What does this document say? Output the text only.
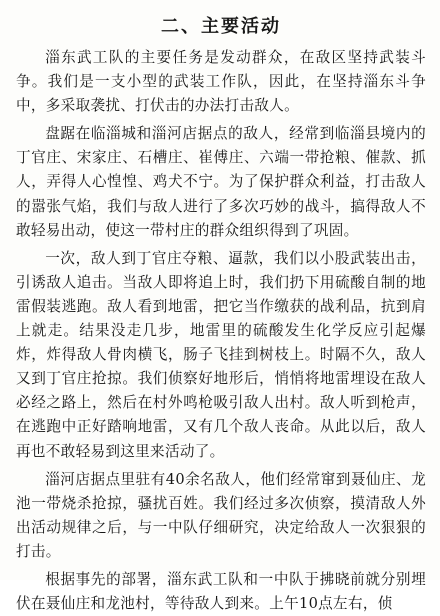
二、主要活动

淄东武工队的主要任务是发动群众，在敌区坚持武装斗争。我们是一支小型的武装工作队，因此，在坚持淄东斗争中，多采取袭扰、打伏击的办法打击敌人。

盘踞在临淄城和淄河店据点的敌人，经常到临淄县境内的丁官庄、宋家庄、石槽庄、崔傅庄、六端一带抢粮、催款、抓人，弄得人心惶惶、鸡犬不宁。为了保护群众利益，打击敌人的嚣张气焰，我们与敌人进行了多次巧妙的战斗，搞得敌人不敢轻易出动，使这一带村庄的群众组织得到了巩固。

一次，敌人到丁官庄夺粮、逼款，我们以小股武装出击，引诱敌人追击。当敌人即将追上时，我们扔下用硫酸自制的地雷假装逃跑。敌人看到地雷，把它当作缴获的战利品，抗到肩上就走。结果没走几步，地雷里的硫酸发生化学反应引起爆炸，炸得敌人骨肉横飞，肠子飞挂到树枝上。时隔不久，敌人又到丁官庄抢掠。我们侦察好地形后，悄悄将地雷埋设在敌人必经之路上，然后在村外鸣枪吸引敌人出村。敌人听到枪声，在逃跑中正好踏响地雷，又有几个敌人丧命。从此以后，敌人再也不敢轻易到这里来活动了。

淄河店据点里驻有40余名敌人，他们经常窜到聂仙庄、龙池一带烧杀抢掠，骚扰百姓。我们经过多次侦察，摸清敌人外出活动规律之后，与一中队仔细研究，决定给敌人一次狠狠的打击。

根据事先的部署，淄东武工队和一中队于拂晓前就分别埋伏在聂仙庄和龙池村，等待敌人到来。上午10点左右，侦
